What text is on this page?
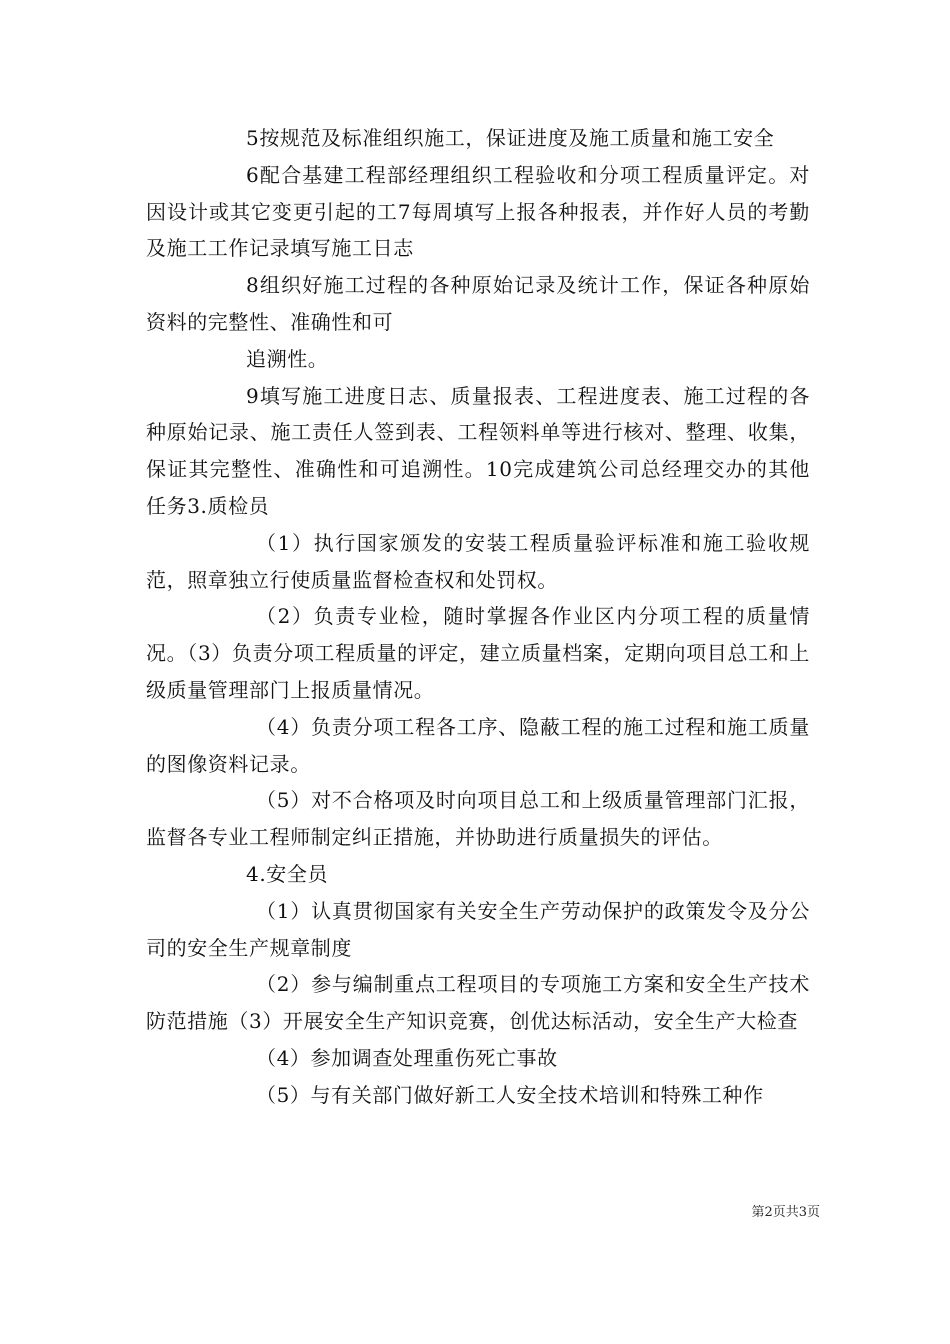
5按规范及标准组织施工，保证进度及施工质量和施工安全

6配合基建工程部经理组织工程验收和分项工程质量评定。对因设计或其它变更引起的工7每周填写上报各种报表，并作好人员的考勤及施工工作记录填写施工日志

8组织好施工过程的各种原始记录及统计工作，保证各种原始资料的完整性、准确性和可

追溯性。

9填写施工进度日志、质量报表、工程进度表、施工过程的各种原始记录、施工责任人签到表、工程领料单等进行核对、整理、收集，保证其完整性、准确性和可追溯性。10完成建筑公司总经理交办的其他任务3.质检员

（1）执行国家颁发的安装工程质量验评标准和施工验收规范，照章独立行使质量监督检查权和处罚权。

（2）负责专业检，随时掌握各作业区内分项工程的质量情况。（3）负责分项工程质量的评定，建立质量档案，定期向项目总工和上级质量管理部门上报质量情况。

（4）负责分项工程各工序、隐蔽工程的施工过程和施工质量的图像资料记录。

（5）对不合格项及时向项目总工和上级质量管理部门汇报，监督各专业工程师制定纠正措施，并协助进行质量损失的评估。

4.安全员

（1）认真贯彻国家有关安全生产劳动保护的政策发令及分公司的安全生产规章制度

（2）参与编制重点工程项目的专项施工方案和安全生产技术防范措施（3）开展安全生产知识竞赛，创优达标活动，安全生产大检查

（4）参加调查处理重伤死亡事故

（5）与有关部门做好新工人安全技术培训和特殊工种作

第2页共3页
